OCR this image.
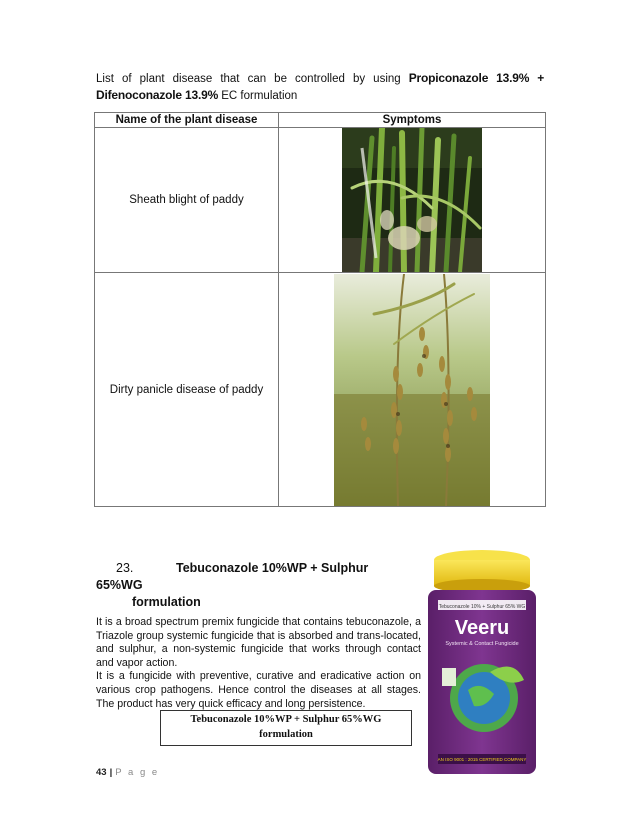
List of plant disease that can be controlled by using Propiconazole 13.9% + Difenoconazole 13.9% EC formulation
Name of the plant disease	Symptoms
Sheath blight of paddy	

Dirty panicle disease of paddy	
23.	Tebuconazole 10%WP + Sulphur 65%WG
formulation

It is a broad spectrum premix fungicide that contains tebuconazole, a Triazole group systemic fungicide that is absorbed and trans-located, and sulphur, a non-systemic fungicide that works through contact and vapor action.

It is a fungicide with preventive, curative and eradicative action on various crop pathogens. Hence control the diseases at all stages. The product has very quick efficacy and long persistence.

Tebuconazole 10%WP + Sulphur 65%WG
formulation
Tebuconazole 10% + Sulphur 65% WG
Veeru
Systemic & Contact Fungicide
AN ISO 9001 : 2015 CERTIFIED COMPANY
43 | P a g e
